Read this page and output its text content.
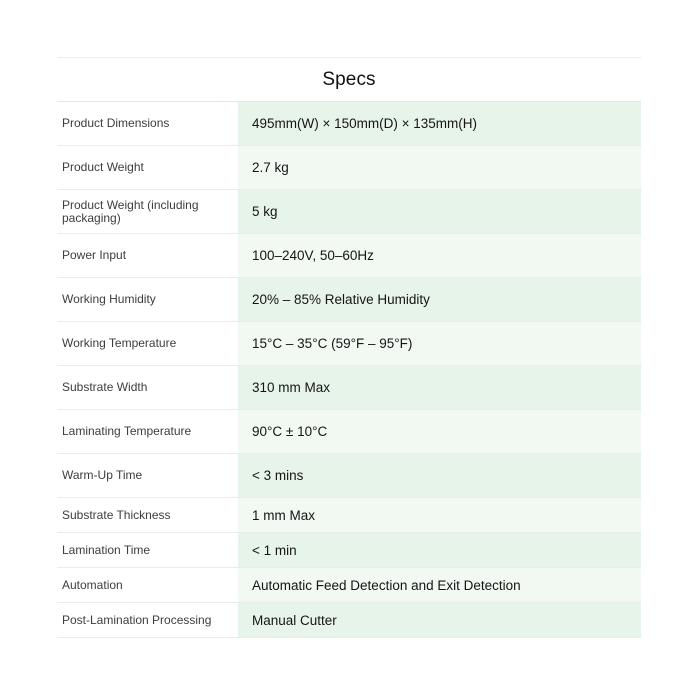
Specs
Product Dimensions	495mm(W) × 150mm(D) × 135mm(H)
Product Weight	2.7 kg
Product Weight (including packaging)	5 kg
Power Input	100–240V, 50–60Hz
Working Humidity	20% – 85% Relative Humidity
Working Temperature	15°C – 35°C (59°F – 95°F)
Substrate Width	310 mm Max
Laminating Temperature	90°C ± 10°C
Warm-Up Time	< 3 mins
Substrate Thickness	1 mm Max
Lamination Time	< 1 min
Automation	Automatic Feed Detection and Exit Detection
Post-Lamination Processing	Manual Cutter
